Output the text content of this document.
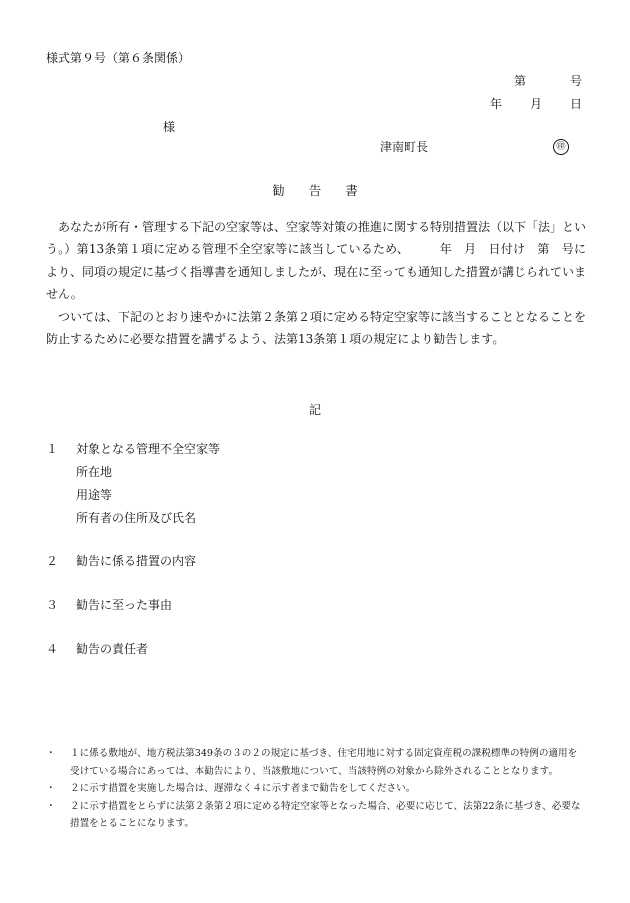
様式第９号（第６条関係）
第	号
年 月 日
様
津南町長	㊞
勧告書

あなたが所有・管理する下記の空家等は、空家等対策の推進に関する特別措置法（以下「法」という。）第13条第１項に定める管理不全空家等に該当しているため、　　　年　月　日付け　第　号により、同項の規定に基づく指導書を通知しましたが、現在に至っても通知した措置が講じられていません。

ついては、下記のとおり速やかに法第２条第２項に定める特定空家等に該当することとなることを防止するために必要な措置を講ずるよう、法第13条第１項の規定により勧告します。

記
１ 対象となる管理不全空家等
所在地
用途等
所有者の住所及び氏名
２ 勧告に係る措置の内容
３ 勧告に至った事由
４ 勧告の責任者
・ １に係る敷地が、地方税法第349条の３の２の規定に基づき、住宅用地に対する固定資産税の課税標準の特例の適用を受けている場合にあっては、本勧告により、当該敷地について、当該特例の対象から除外されることとなります。
・ ２に示す措置を実施した場合は、遅滞なく４に示す者まで勧告をしてください。
・ ２に示す措置をとらずに法第２条第２項に定める特定空家等となった場合、必要に応じて、法第22条に基づき、必要な措置をとることになります。
